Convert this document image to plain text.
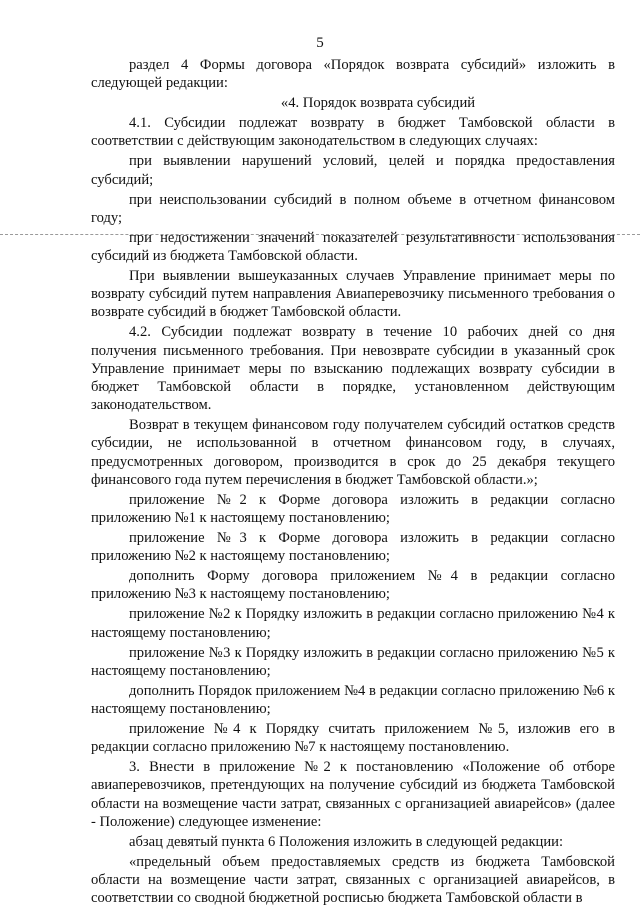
5

раздел 4 Формы договора «Порядок возврата субсидий» изложить в следующей редакции:

«4. Порядок возврата субсидий

4.1. Субсидии подлежат возврату в бюджет Тамбовской области в соответствии с действующим законодательством в следующих случаях:

при выявлении нарушений условий, целей и порядка предоставления субсидий;

при неиспользовании субсидий в полном объеме в отчетном финансовом году;

при недостижении значений показателей результативности использования субсидий из бюджета Тамбовской области.

При выявлении вышеуказанных случаев Управление принимает меры по возврату субсидий путем направления Авиаперевозчику письменного требования о возврате субсидий в бюджет Тамбовской области.

4.2. Субсидии подлежат возврату в течение 10 рабочих дней со дня получения письменного требования. При невозврате субсидии в указанный срок Управление принимает меры по взысканию подлежащих возврату субсидии в бюджет Тамбовской области в порядке, установленном действующим законодательством.

Возврат в текущем финансовом году получателем субсидий остатков средств субсидии, не использованной в отчетном финансовом году, в случаях, предусмотренных договором, производится в срок до 25 декабря текущего финансового года путем перечисления в бюджет Тамбовской области.»;

приложение №2 к Форме договора изложить в редакции согласно приложению №1 к настоящему постановлению;

приложение №3 к Форме договора изложить в редакции согласно приложению №2 к настоящему постановлению;

дополнить Форму договора приложением №4 в редакции согласно приложению №3 к настоящему постановлению;

приложение №2 к Порядку изложить в редакции согласно приложению №4 к настоящему постановлению;

приложение №3 к Порядку изложить в редакции согласно приложению №5 к настоящему постановлению;

дополнить Порядок приложением №4 в редакции согласно приложению №6 к настоящему постановлению;

приложение №4 к Порядку считать приложением №5, изложив его в редакции согласно приложению №7 к настоящему постановлению.

3. Внести в приложение №2 к постановлению «Положение об отборе авиаперевозчиков, претендующих на получение субсидий из бюджета Тамбовской области на возмещение части затрат, связанных с организацией авиарейсов» (далее - Положение) следующее изменение:

абзац девятый пункта 6 Положения изложить в следующей редакции:

«предельный объем предоставляемых средств из бюджета Тамбовской области на возмещение части затрат, связанных с организацией авиарейсов, в соответствии со сводной бюджетной росписью бюджета Тамбовской области в
